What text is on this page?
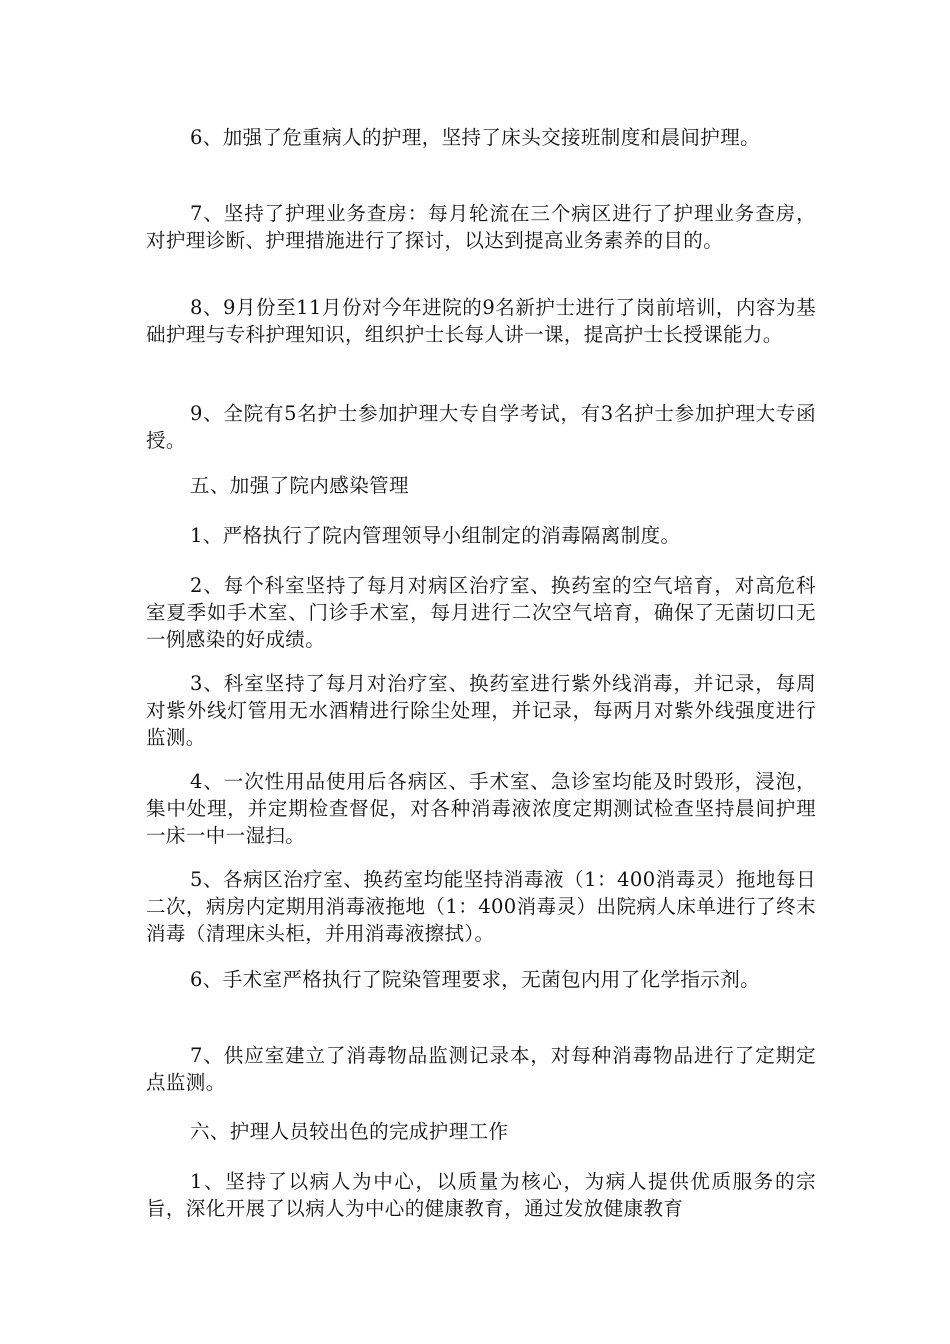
6、加强了危重病人的护理，坚持了床头交接班制度和晨间护理。

7、坚持了护理业务查房：每月轮流在三个病区进行了护理业务查房，对护理诊断、护理措施进行了探讨，以达到提高业务素养的目的。

8、9月份至11月份对今年进院的9名新护士进行了岗前培训，内容为基础护理与专科护理知识，组织护士长每人讲一课，提高护士长授课能力。

9、全院有5名护士参加护理大专自学考试，有3名护士参加护理大专函授。

五、加强了院内感染管理

1、严格执行了院内管理领导小组制定的消毒隔离制度。

2、每个科室坚持了每月对病区治疗室、换药室的空气培育，对高危科室夏季如手术室、门诊手术室，每月进行二次空气培育，确保了无菌切口无一例感染的好成绩。

3、科室坚持了每月对治疗室、换药室进行紫外线消毒，并记录，每周对紫外线灯管用无水酒精进行除尘处理，并记录，每两月对紫外线强度进行监测。

4、一次性用品使用后各病区、手术室、急诊室均能及时毁形，浸泡，集中处理，并定期检查督促，对各种消毒液浓度定期测试检查坚持晨间护理一床一中一湿扫。

5、各病区治疗室、换药室均能坚持消毒液（1：400消毒灵）拖地每日二次，病房内定期用消毒液拖地（1：400消毒灵）出院病人床单进行了终末消毒（清理床头柜，并用消毒液擦拭）。

6、手术室严格执行了院染管理要求，无菌包内用了化学指示剂。

7、供应室建立了消毒物品监测记录本，对每种消毒物品进行了定期定点监测。

六、护理人员较出色的完成护理工作

1、坚持了以病人为中心，以质量为核心，为病人提供优质服务的宗旨，深化开展了以病人为中心的健康教育，通过发放健康教育
